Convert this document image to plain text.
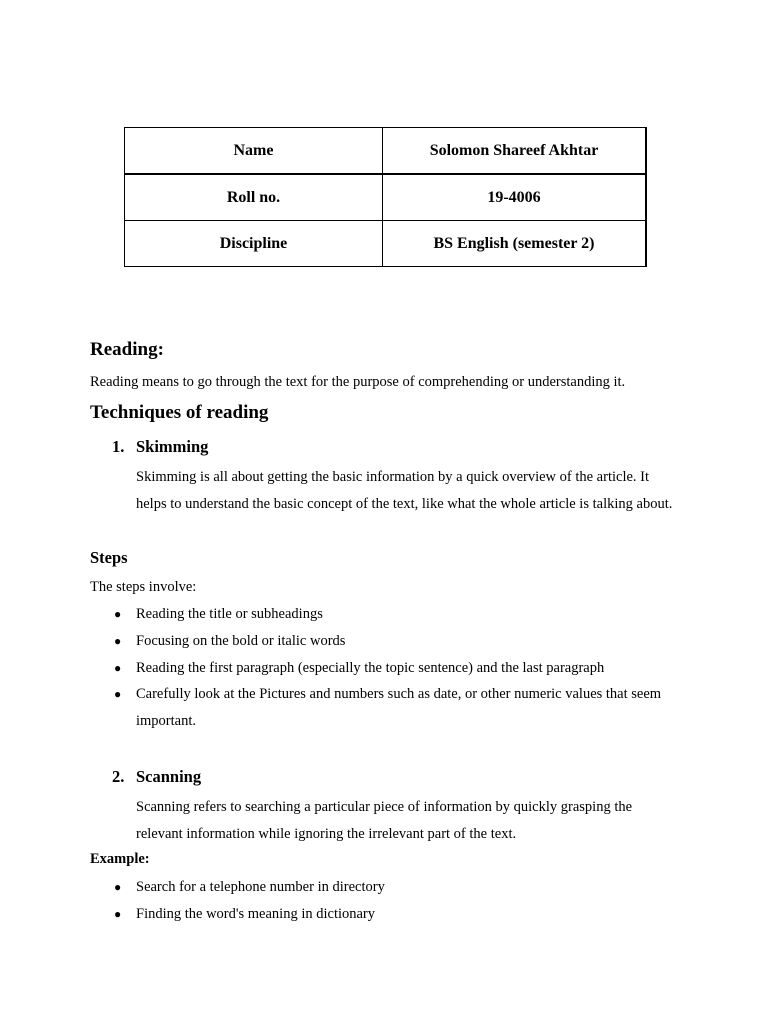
Name	Solomon Shareef Akhtar
Roll no.	19-4006
Discipline	BS English (semester 2)
Reading:

Reading means to go through the text for the purpose of comprehending or understanding it.

Techniques of reading
1. Skimming

Skimming is all about getting the basic information by a quick overview of the article. It helps to understand the basic concept of the text, like what the whole article is talking about.

Steps

The steps involve:

● Reading the title or subheadings
● Focusing on the bold or italic words
● Reading the first paragraph (especially the topic sentence) and the last paragraph
● Carefully look at the Pictures and numbers such as date, or other numeric values that seem important.
2. Scanning

Scanning refers to searching a particular piece of information by quickly grasping the relevant information while ignoring the irrelevant part of the text.

Example:

● Search for a telephone number in directory
● Finding the word's meaning in dictionary
